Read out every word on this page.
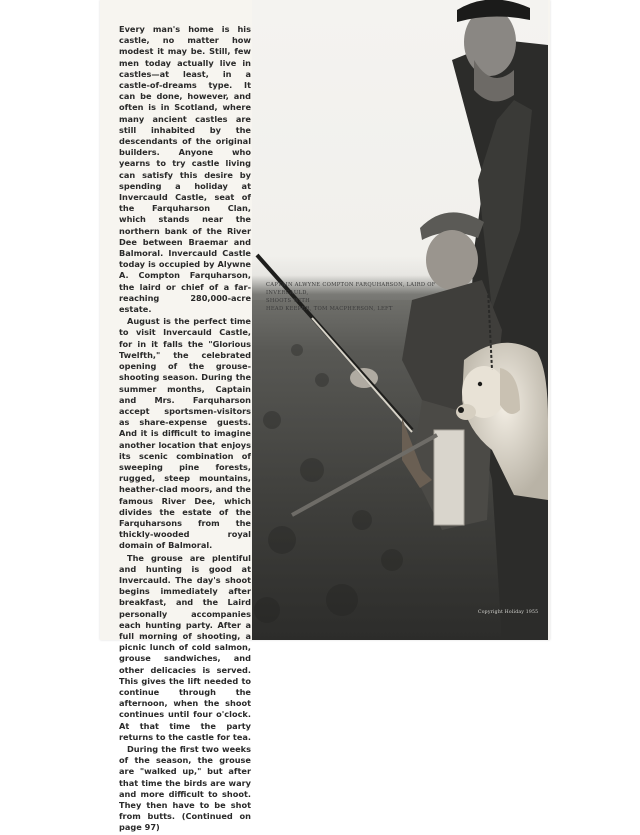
Every man's home is his castle, no matter how modest it may be. Still, few men today actually live in castles—at least, in a castle-of-dreams type. It can be done, however, and often is in Scotland, where many ancient castles are still inhabited by the descendants of the original builders. Anyone who yearns to try castle living can satisfy this desire by spending a holiday at Invercauld Castle, seat of the Farquharson Clan, which stands near the northern bank of the River Dee between Braemar and Balmoral. Invercauld Castle today is occupied by Alywne A. Compton Farquharson, the laird or chief of a far-reaching 280,000-acre estate.

August is the perfect time to visit Invercauld Castle, for in it falls the "Glorious Twelfth," the celebrated opening of the grouse-shooting season. During the summer months, Captain and Mrs. Farquharson accept sportsmen-visitors as share-expense guests. And it is difficult to imagine another location that enjoys its scenic combination of sweeping pine forests, rugged, steep mountains, heather-clad moors, and the famous River Dee, which divides the estate of the Farquharsons from the thickly-wooded royal domain of Balmoral.

The grouse are plentiful and hunting is good at Invercauld. The day's shoot begins immediately after breakfast, and the Laird personally accompanies each hunting party. After a full morning of shooting, a picnic lunch of cold salmon, grouse sandwiches, and other delicacies is served. This gives the lift needed to continue through the afternoon, when the shoot continues until four o'clock. At that time the party returns to the castle for tea.

During the first two weeks of the season, the grouse are "walked up," but after that time the birds are wary and more difficult to shoot. They then have to be shot from butts. (Continued on page 97)

CAPTAIN ALWYNE COMPTON FARQUHARSON, LAIRD OF INVERCAULD,
SHOOTS WITH
HEAD KEEPER, TOM MACPHERSON, LEFT
Copyright Holiday 1955
